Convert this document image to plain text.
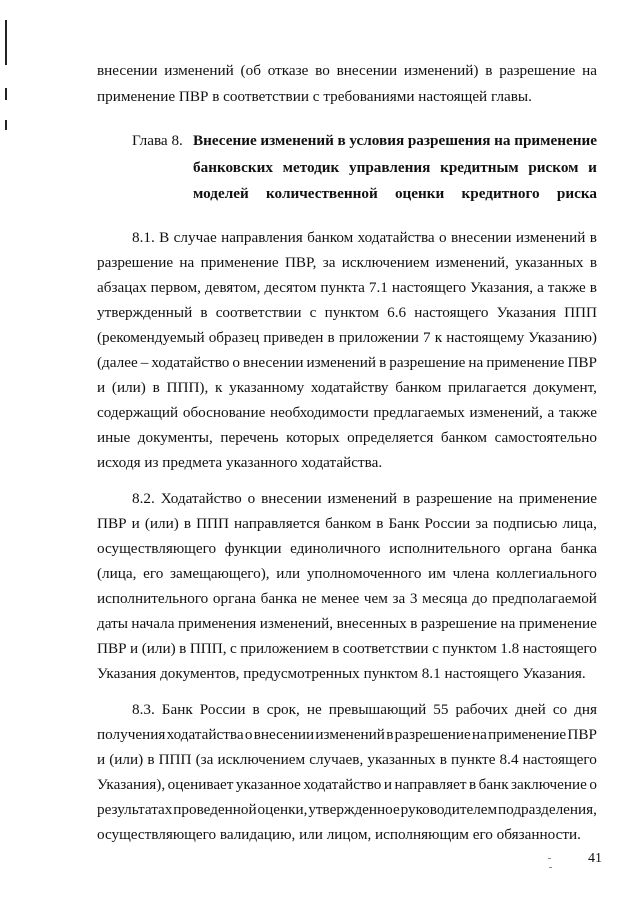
внесении изменений (об отказе во внесении изменений) в разрешение на
применение ПВР в соответствии с требованиями настоящей главы.
Глава 8. Внесение изменений в условия разрешения на применение
банковских методик управления кредитным риском и
моделей количественной оценки кредитного риска
8.1. В случае направления банком ходатайства о внесении изменений в
разрешение на применение ПВР, за исключением изменений, указанных в
абзацах первом, девятом, десятом пункта 7.1 настоящего Указания, а также в
утвержденный в соответствии с пунктом 6.6 настоящего Указания ППП
(рекомендуемый образец приведен в приложении 7 к настоящему Указанию)
(далее – ходатайство о внесении изменений в разрешение на применение ПВР
и (или) в ППП), к указанному ходатайству банком прилагается документ,
содержащий обоснование необходимости предлагаемых изменений, а также
иные документы, перечень которых определяется банком самостоятельно
исходя из предмета указанного ходатайства.
8.2. Ходатайство о внесении изменений в разрешение на применение
ПВР и (или) в ППП направляется банком в Банк России за подписью лица,
осуществляющего функции единоличного исполнительного органа банка
(лица, его замещающего), или уполномоченного им члена коллегиального
исполнительного органа банка не менее чем за 3 месяца до предполагаемой
даты начала применения изменений, внесенных в разрешение на применение
ПВР и (или) в ППП, с приложением в соответствии с пунктом 1.8 настоящего
Указания документов, предусмотренных пунктом 8.1 настоящего Указания.
8.3. Банк России в срок, не превышающий 55 рабочих дней со дня
получения ходатайства о внесении изменений в разрешение на применение ПВР
и (или) в ППП (за исключением случаев, указанных в пункте 8.4 настоящего
Указания), оценивает указанное ходатайство и направляет в банк заключение о
результатах проведенной оценки, утвержденное руководителем подразделения,
осуществляющего валидацию, или лицом, исполняющим его обязанности.
41
